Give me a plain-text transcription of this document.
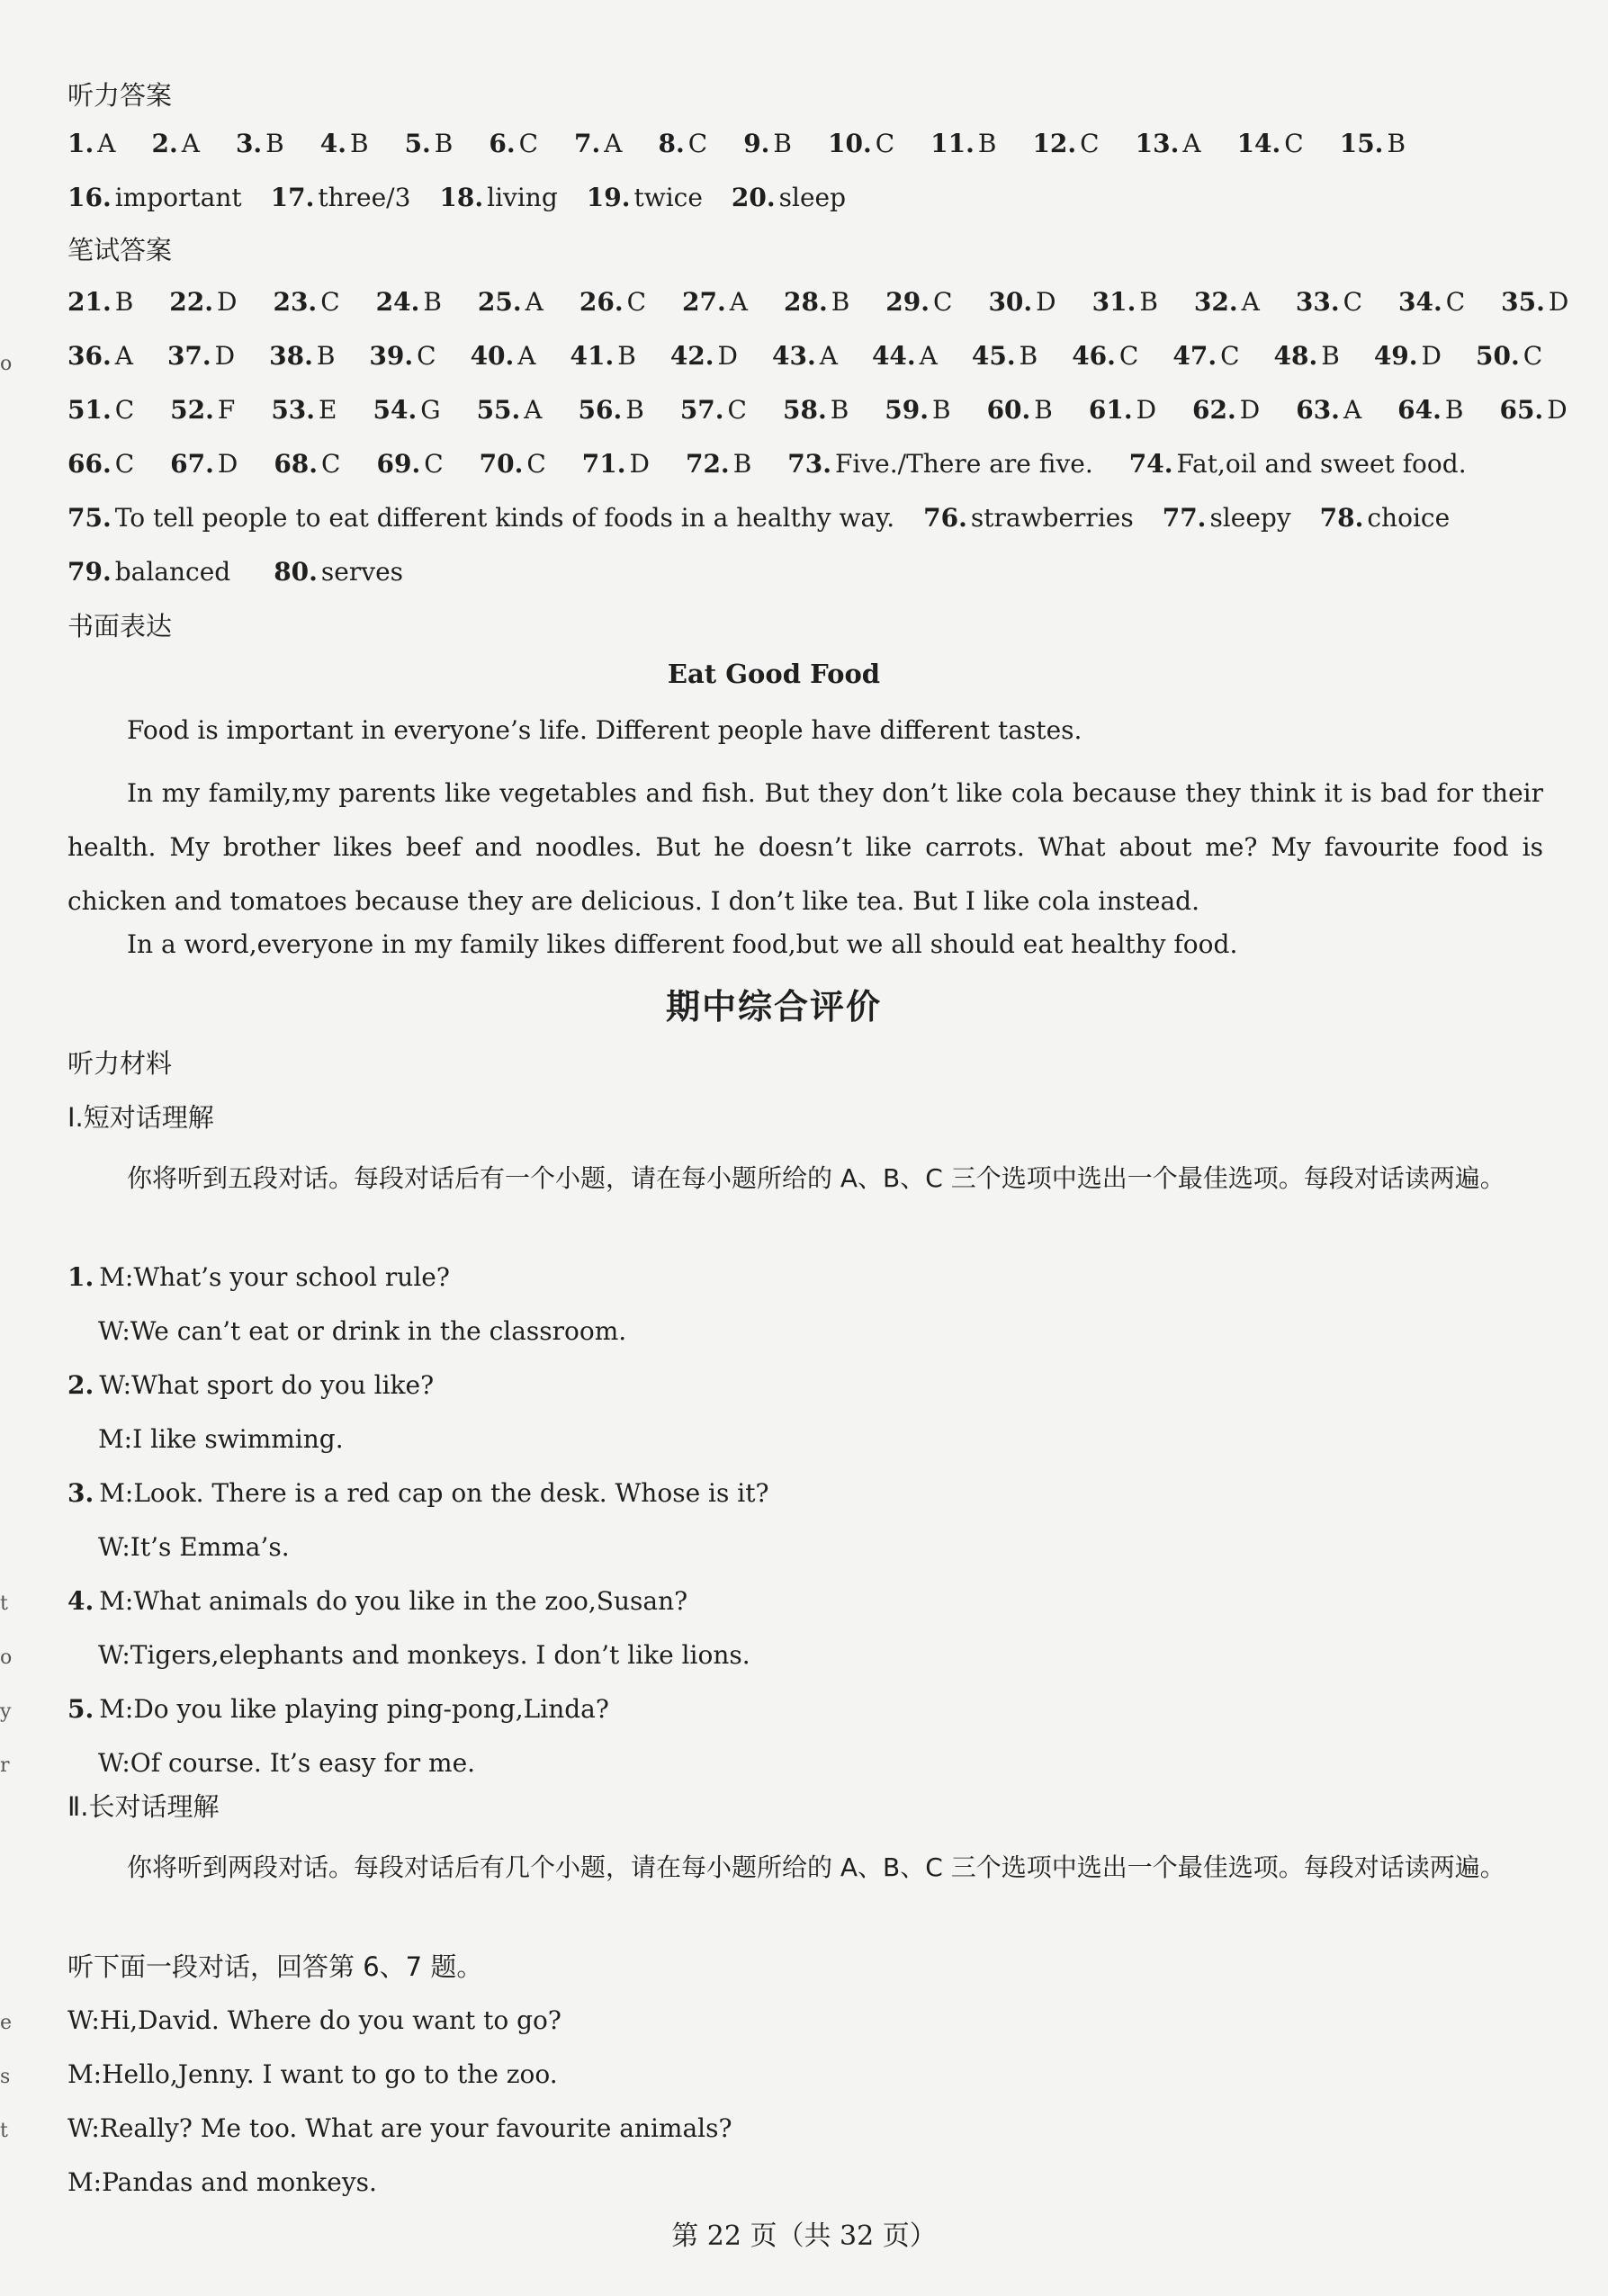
听力答案
1. A 2. A 3. B 4. B 5. B 6. C 7. A 8. C 9. B 10. C 11. B 12. C 13. A 14. C 15. B
16. important 17. three/3 18. living 19. twice 20. sleep
笔试答案
21. B 22. D 23. C 24. B 25. A 26. C 27. A 28. B 29. C 30. D 31. B 32. A 33. C 34. C 35. D
36. A 37. D 38. B 39. C 40. A 41. B 42. D 43. A 44. A 45. B 46. C 47. C 48. B 49. D 50. C
51. C 52. F 53. E 54. G 55. A 56. B 57. C 58. B 59. B 60. B 61. D 62. D 63. A 64. B 65. D
66. C 67. D 68. C 69. C 70. C 71. D 72. B 73. Five./There are five. 74. Fat,oil and sweet food.
75. To tell people to eat different kinds of foods in a healthy way. 76. strawberries 77. sleepy 78. choice
79. balanced 80. serves
书面表达
Eat Good Food
Food is important in everyone’s life. Different people have different tastes.
In my family,my parents like vegetables and fish. But they don’t like cola because they think it is bad for their health. My brother likes beef and noodles. But he doesn’t like carrots. What about me? My favourite food is chicken and tomatoes because they are delicious. I don’t like tea. But I like cola instead.
In a word,everyone in my family likes different food,but we all should eat healthy food.
期中综合评价
听力材料
Ⅰ.短对话理解
你将听到五段对话。每段对话后有一个小题，请在每小题所给的 A、B、C 三个选项中选出一个最佳选项。每段对话读两遍。
1. M:What’s your school rule?
W:We can’t eat or drink in the classroom.
2. W:What sport do you like?
M:I like swimming.
3. M:Look. There is a red cap on the desk. Whose is it?
W:It’s Emma’s.
4. M:What animals do you like in the zoo,Susan?
W:Tigers,elephants and monkeys. I don’t like lions.
5. M:Do you like playing ping-pong,Linda?
W:Of course. It’s easy for me.
Ⅱ.长对话理解
你将听到两段对话。每段对话后有几个小题，请在每小题所给的 A、B、C 三个选项中选出一个最佳选项。每段对话读两遍。
听下面一段对话，回答第 6、7 题。
W:Hi,David. Where do you want to go?
M:Hello,Jenny. I want to go to the zoo.
W:Really? Me too. What are your favourite animals?
M:Pandas and monkeys.
第 22 页（共 32 页）
o
t
o
y
r
e
s
t
